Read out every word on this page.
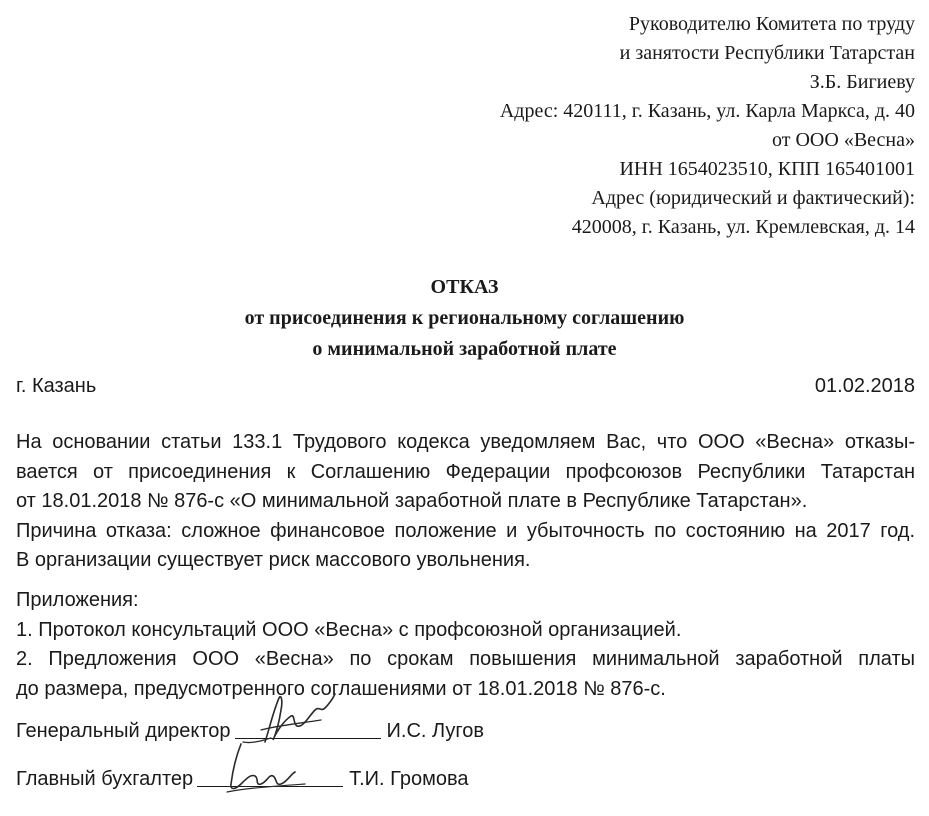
Руководителю Комитета по труду
и занятости Республики Татарстан
З.Б. Бигиеву
Адрес: 420111, г. Казань, ул. Карла Маркса, д. 40
от ООО «Весна»
ИНН 1654023510, КПП 165401001
Адрес (юридический и фактический):
420008, г. Казань, ул. Кремлевская, д. 14
ОТКАЗ
от присоединения к региональному соглашению
о минимальной заработной плате
г. Казань	01.02.2018
На основании статьи 133.1 Трудового кодекса уведомляем Вас, что ООО «Весна» отказы-
вается от присоединения к Соглашению Федерации профсоюзов Республики Татарстан
от 18.01.2018 № 876-с «О минимальной заработной плате в Республике Татарстан».
Причина отказа: сложное финансовое положение и убыточность по состоянию на 2017 год.
В организации существует риск массового увольнения.
Приложения:
1. Протокол консультаций ООО «Весна» с профсоюзной организацией.
2. Предложения ООО «Весна» по срокам повышения минимальной заработной платы
до размера, предусмотренного соглашениями от 18.01.2018 № 876-с.
Генеральный директор	И.С. Лугов
Главный бухгалтер	Т.И. Громова
